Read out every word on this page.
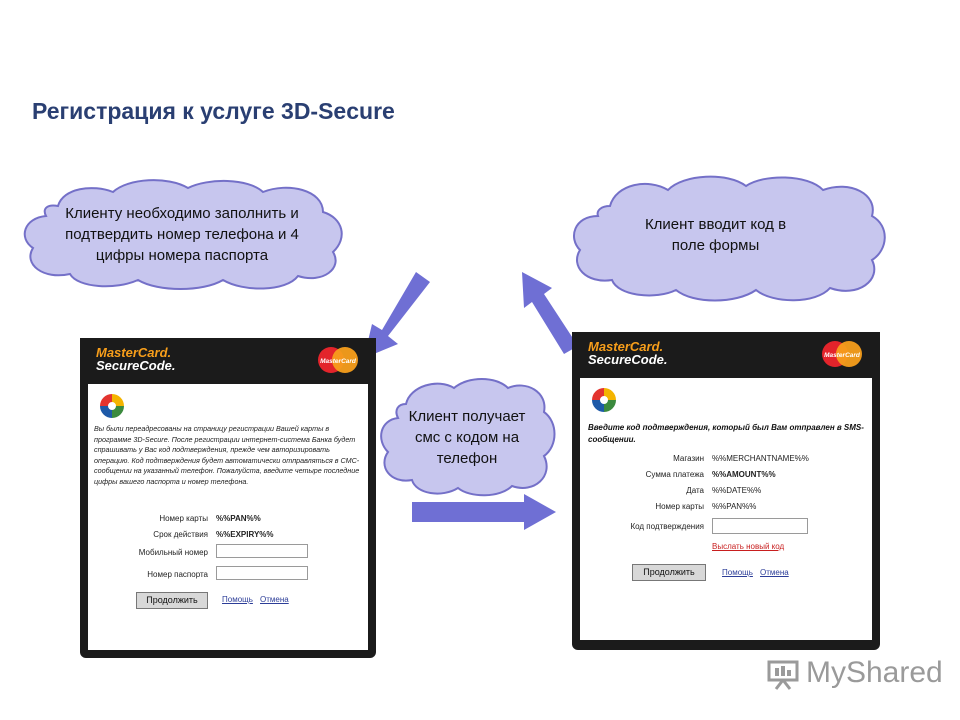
Регистрация к услуге 3D-Secure
Клиенту необходимо заполнить и подтвердить номер телефона и 4 цифры номера паспорта
Клиент вводит код в поле формы
Клиент получает смс с кодом на телефон
MasterCard.
SecureCode.	MasterCard
Вы были переадресованы на страницу регистрации Вашей карты в программе 3D-Secure. После регистрации интернет-система Банка будет спрашивать у Вас код подтверждения, прежде чем авторизировать операцию. Код подтверждения будет автоматически отправляться в СМС-сообщении на указанный телефон. Пожалуйста, введите четыре последние цифры вашего паспорта и номер телефона.
Номер карты %%PAN%%
Срок действия %%EXPIRY%%
Мобильный номер
Номер паспорта
Продолжить	Помощь Отмена
MasterCard.
SecureCode.	MasterCard
Введите код подтверждения, который был Вам отправлен в SMS-сообщении.
Магазин %%MERCHANTNAME%%
Сумма платежа %%AMOUNT%%
Дата %%DATE%%
Номер карты %%PAN%%
Код подтверждения
Выслать новый код
Продолжить	Помощь Отмена
MyShared
